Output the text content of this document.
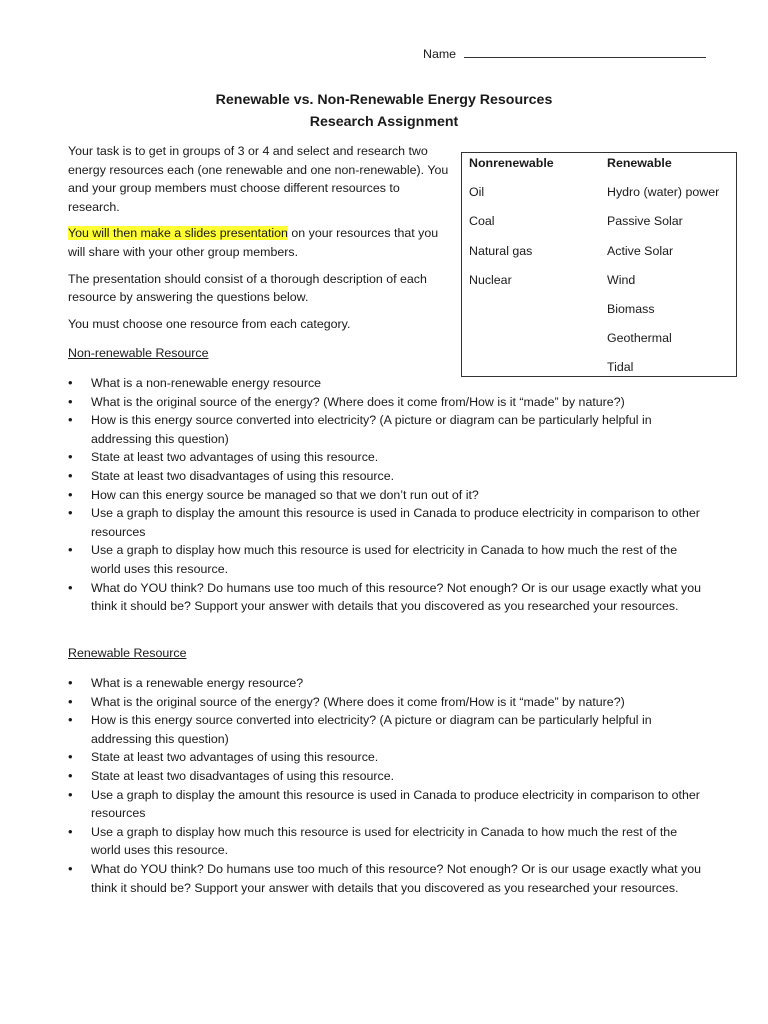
Name
Renewable vs. Non-Renewable Energy Resources
Research Assignment

Your task is to get in groups of 3 or 4 and select and research two energy resources each (one renewable and one non-renewable). You and your group members must choose different resources to research.

You will then make a slides presentation on your resources that you will share with your other group members.

The presentation should consist of a thorough description of each resource by answering the questions below.

You must choose one resource from each category.

Nonrenewable
Oil
Coal
Natural gas
Nuclear
Renewable
Hydro (water) power
Passive Solar
Active Solar
Wind
Biomass
Geothermal
Tidal
Non-renewable Resource
• What is a non-renewable energy resource
• What is the original source of the energy? (Where does it come from/How is it “made” by nature?)
• How is this energy source converted into electricity? (A picture or diagram can be particularly helpful in addressing this question)
• State at least two advantages of using this resource.
• State at least two disadvantages of using this resource.
• How can this energy source be managed so that we don’t run out of it?
• Use a graph to display the amount this resource is used in Canada to produce electricity in comparison to other resources
• Use a graph to display how much this resource is used for electricity in Canada to how much the rest of the world uses this resource.
• What do YOU think? Do humans use too much of this resource? Not enough? Or is our usage exactly what you think it should be? Support your answer with details that you discovered as you researched your resources.
Renewable Resource
• What is a renewable energy resource?
• What is the original source of the energy? (Where does it come from/How is it “made” by nature?)
• How is this energy source converted into electricity? (A picture or diagram can be particularly helpful in addressing this question)
• State at least two advantages of using this resource.
• State at least two disadvantages of using this resource.
• Use a graph to display the amount this resource is used in Canada to produce electricity in comparison to other resources
• Use a graph to display how much this resource is used for electricity in Canada to how much the rest of the world uses this resource.
• What do YOU think? Do humans use too much of this resource? Not enough? Or is our usage exactly what you think it should be? Support your answer with details that you discovered as you researched your resources.
